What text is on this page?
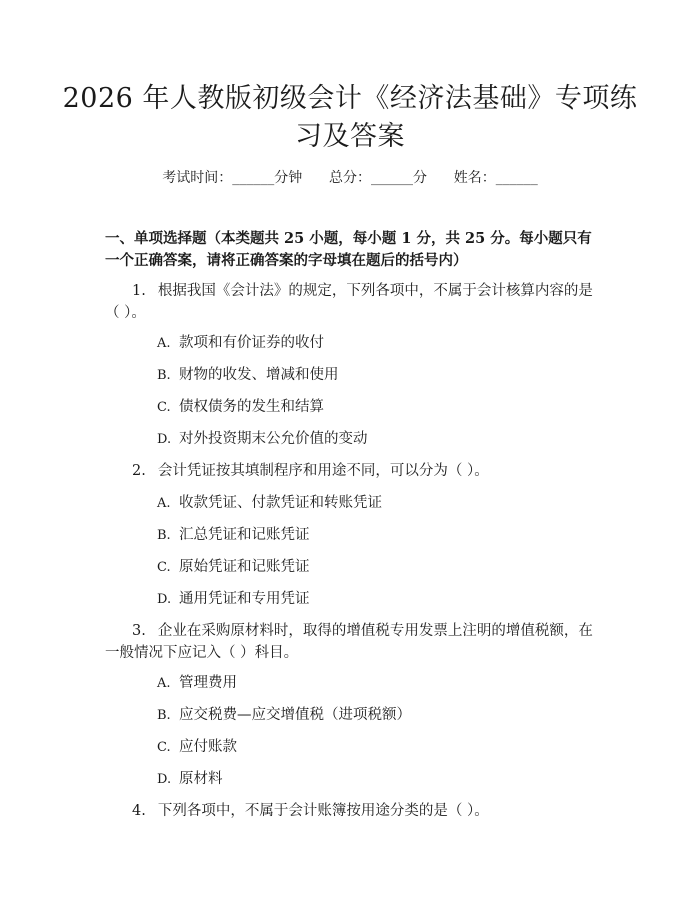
2026 年人教版初级会计《经济法基础》专项练习及答案
考试时间：______分钟      总分：______分      姓名：______
一、单项选择题（本类题共 25 小题，每小题 1 分，共 25 分。每小题只有一个正确答案，请将正确答案的字母填在题后的括号内）
1. 根据我国《会计法》的规定，下列各项中，不属于会计核算内容的是（ ）。
A. 款项和有价证券的收付
B. 财物的收发、增减和使用
C. 债权债务的发生和结算
D. 对外投资期末公允价值的变动
2. 会计凭证按其填制程序和用途不同，可以分为（ ）。
A. 收款凭证、付款凭证和转账凭证
B. 汇总凭证和记账凭证
C. 原始凭证和记账凭证
D. 通用凭证和专用凭证
3. 企业在采购原材料时，取得的增值税专用发票上注明的增值税额，在一般情况下应记入（ ）科目。
A. 管理费用
B. 应交税费—应交增值税（进项税额）
C. 应付账款
D. 原材料
4. 下列各项中，不属于会计账簿按用途分类的是（ ）。
